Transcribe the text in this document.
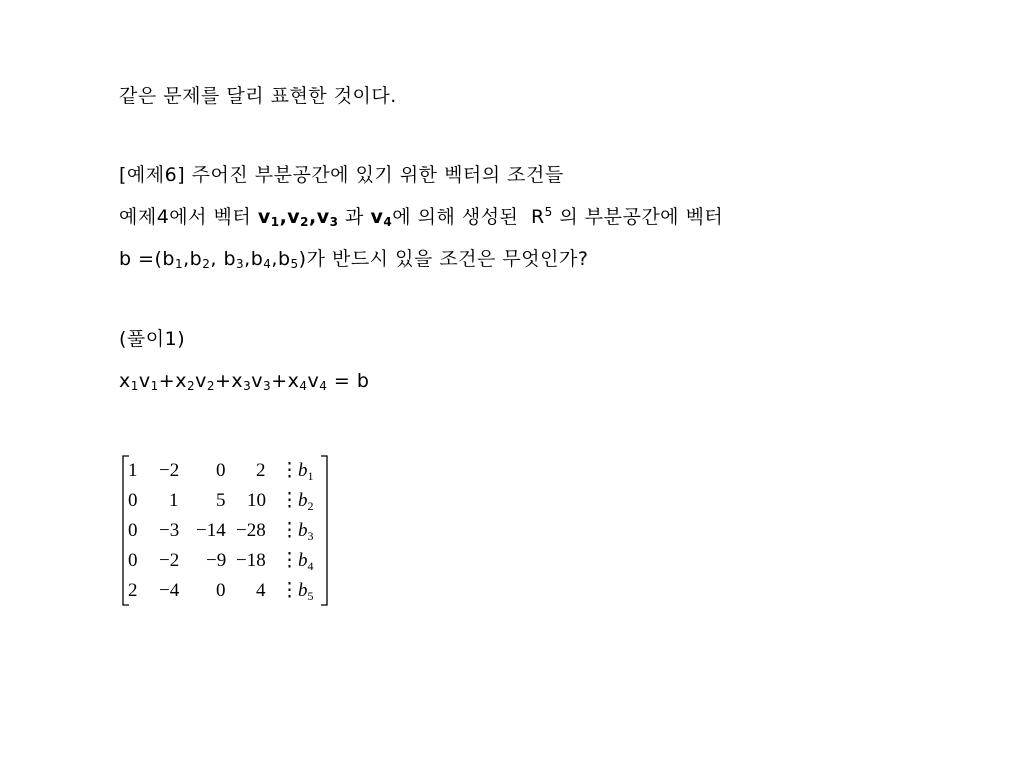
같은 문제를 달리 표현한 것이다.
[예제6] 주어진 부분공간에 있기 위한 벡터의 조건들
예제4에서 벡터 $v_1,v_2,v_3$ 과 $v_4$에 의해 생성된 $R^5$ 의 부분공간에 벡터
$b =(b_1,b_2$, $b_3,b_4,b_5$)가 반드시 있을 조건은 무엇인가?
(풀이1)
$x_1v_1+x_2v_2+x_3v_3+x_4v_4 = b$
1 −2 0 2 ⋮ $b_1$
0 1 5 10 ⋮ $b_2$
0 −3 −14 −28 ⋮ $b_3$
0 −2 −9 −18 ⋮ $b_4$
2 −4 0 4 ⋮ $b_5$
